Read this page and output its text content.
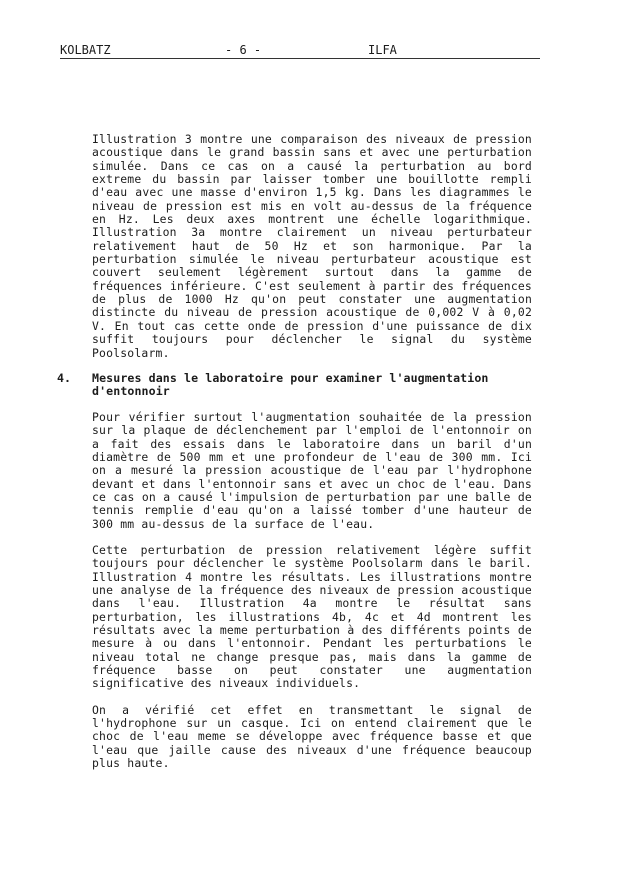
KOLBATZ	- 6 -	ILFA

Illustration 3 montre une comparaison des niveaux de pression acoustique dans le grand bassin sans et avec une perturbation simulée. Dans ce cas on a causé la perturbation au bord extreme du bassin par laisser tomber une bouillotte rempli d'eau avec une masse d'environ 1,5 kg. Dans les diagrammes le niveau de pression est mis en volt au-dessus de la fréquence en Hz. Les deux axes montrent une échelle logarithmique. Illustration 3a montre clairement un niveau perturbateur relativement haut de 50 Hz et son harmonique. Par la perturbation simulée le niveau perturbateur acoustique est couvert seulement légèrement surtout dans la gamme de fréquences inférieure. C'est seulement à partir des fréquences de plus de 1000 Hz qu'on peut constater une augmentation distincte du niveau de pression acoustique de 0,002 V à 0,02 V. En tout cas cette onde de pression d'une puissance de dix suffit toujours pour déclencher le signal du système Poolsolarm.

4. Mesures dans le laboratoire pour examiner l'augmentation d'entonnoir

Pour vérifier surtout l'augmentation souhaitée de la pression sur la plaque de déclenchement par l'emploi de l'entonnoir on a fait des essais dans le laboratoire dans un baril d'un diamètre de 500 mm et une profondeur de l'eau de 300 mm. Ici on a mesuré la pression acoustique de l'eau par l'hydrophone devant et dans l'entonnoir sans et avec un choc de l'eau. Dans ce cas on a causé l'impulsion de perturbation par une balle de tennis remplie d'eau qu'on a laissé tomber d'une hauteur de 300 mm au-dessus de la surface de l'eau.

Cette perturbation de pression relativement légère suffit toujours pour déclencher le système Poolsolarm dans le baril. Illustration 4 montre les résultats. Les illustrations montre une analyse de la fréquence des niveaux de pression acoustique dans l'eau. Illustration 4a montre le résultat sans perturbation, les illustrations 4b, 4c et 4d montrent les résultats avec la meme perturbation à des différents points de mesure à ou dans l'entonnoir. Pendant les perturbations le niveau total ne change presque pas, mais dans la gamme de fréquence basse on peut constater une augmentation significative des niveaux individuels.

On a vérifié cet effet en transmettant le signal de l'hydrophone sur un casque. Ici on entend clairement que le choc de l'eau meme se développe avec fréquence basse et que l'eau que jaille cause des niveaux d'une fréquence beaucoup plus haute.
